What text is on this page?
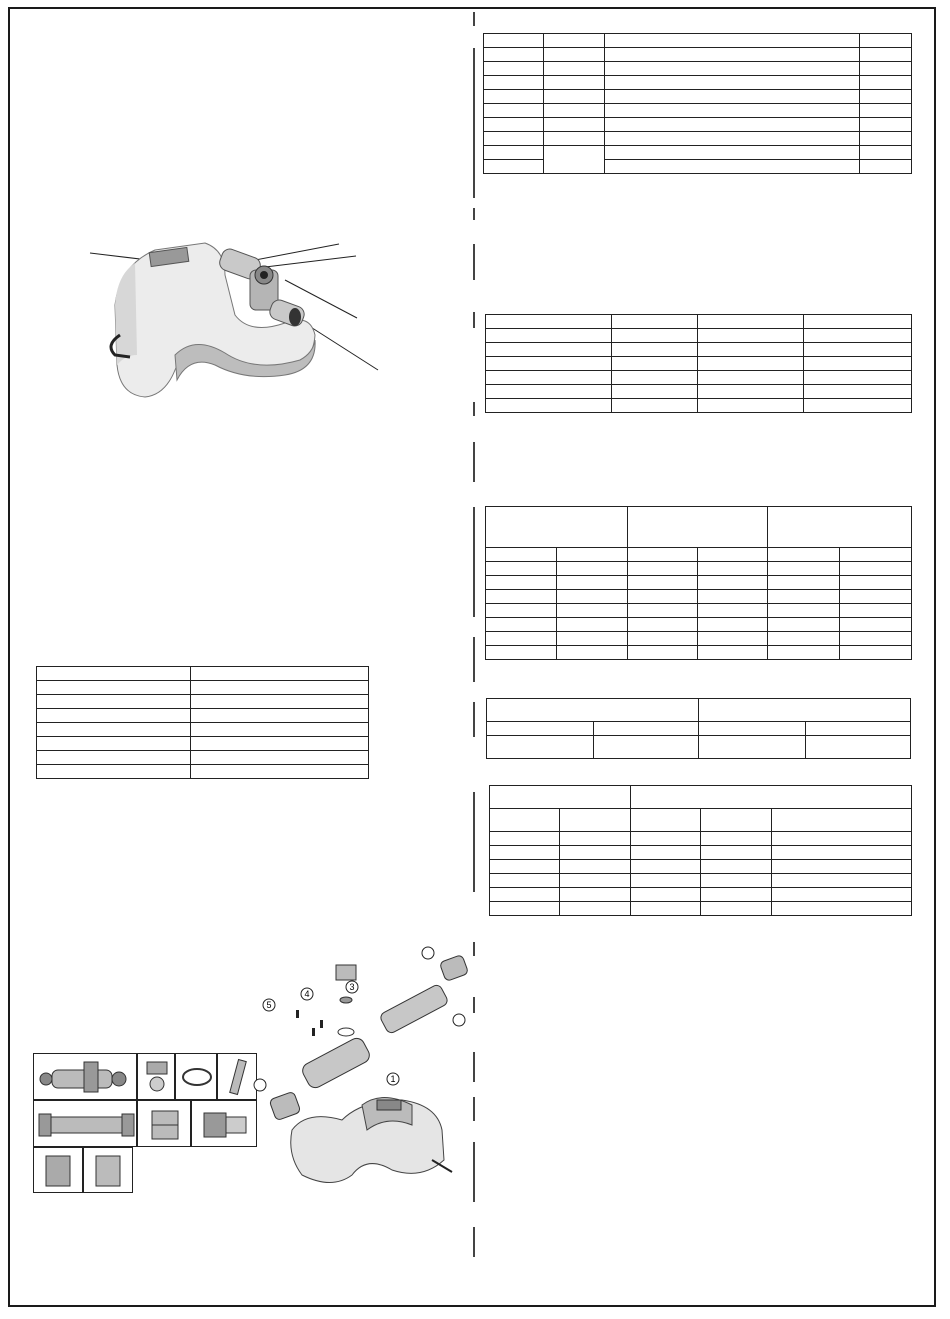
1
3
4
5
